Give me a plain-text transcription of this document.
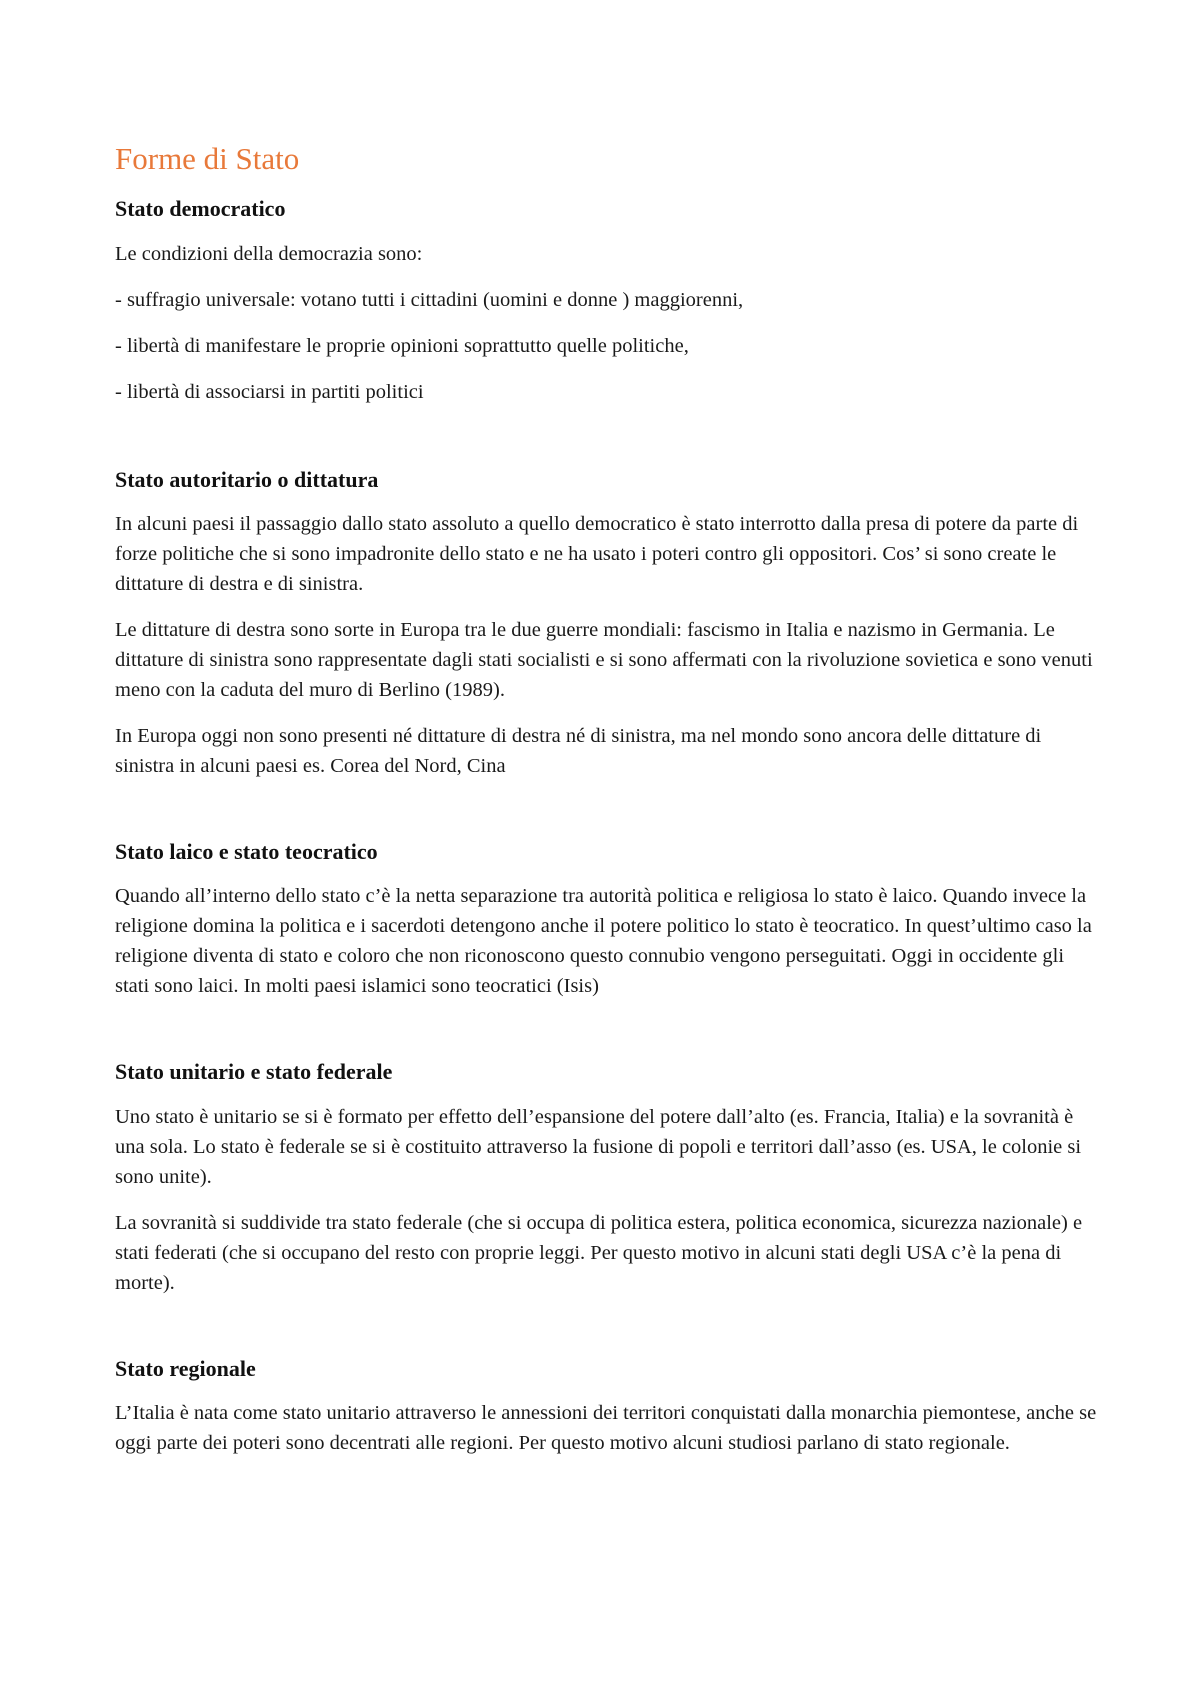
Forme di Stato
Stato democratico

Le condizioni della democrazia sono:

- suffragio universale: votano tutti i cittadini (uomini e donne ) maggiorenni,

- libertà di manifestare le proprie opinioni soprattutto quelle politiche,

- libertà di associarsi in partiti politici

Stato autoritario o dittatura

In alcuni paesi il passaggio dallo stato assoluto a quello democratico è stato interrotto dalla presa di potere da parte di forze politiche che si sono impadronite dello stato e ne ha usato i poteri contro gli oppositori. Cos’ si sono create le dittature di destra e di sinistra.

Le dittature di destra sono sorte in Europa tra le due guerre mondiali: fascismo in Italia e nazismo in Germania. Le dittature di sinistra sono rappresentate dagli stati socialisti e si sono affermati con la rivoluzione sovietica e sono venuti meno con la caduta del muro di Berlino (1989).

In Europa oggi non sono presenti né dittature di destra né di sinistra, ma nel mondo sono ancora delle dittature di sinistra in alcuni paesi es. Corea del Nord, Cina

Stato laico e stato teocratico

Quando all’interno dello stato c’è la netta separazione tra autorità politica e religiosa lo stato è laico. Quando invece la religione domina la politica e i sacerdoti detengono anche il potere politico lo stato è teocratico. In quest’ultimo caso la religione diventa di stato e coloro che non riconoscono questo connubio vengono perseguitati. Oggi in occidente gli stati sono laici. In molti paesi islamici sono teocratici (Isis)

Stato unitario e stato federale

Uno stato è unitario se si è formato per effetto dell’espansione del potere dall’alto (es. Francia, Italia) e la sovranità è una sola. Lo stato è federale se si è costituito attraverso la fusione di popoli e territori dall’asso (es. USA, le colonie si sono unite).

La sovranità si suddivide tra stato federale (che si occupa di politica estera, politica economica, sicurezza nazionale) e stati federati (che si occupano del resto con proprie leggi. Per questo motivo in alcuni stati degli USA c’è la pena di morte).

Stato regionale

L’Italia è nata come stato unitario attraverso le annessioni dei territori conquistati dalla monarchia piemontese, anche se oggi parte dei poteri sono decentrati alle regioni. Per questo motivo alcuni studiosi parlano di stato regionale.
